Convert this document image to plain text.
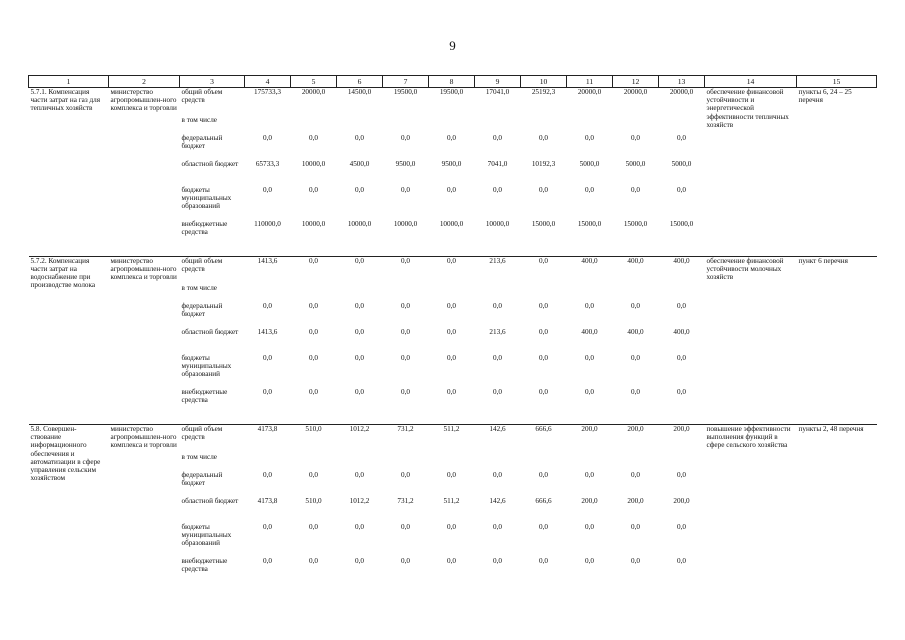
9
1	2	3	4	5	6	7	8	9	10	11	12	13	14	15
5.7.1. Компенсация части затрат на газ для тепличных хозяйств	министерство агропромышлен-ного комплекса и торговли	общий объем средств	175733,3	20000,0	14500,0	19500,0	19500,0	17041,0	25192,3	20000,0	20000,0	20000,0	обеспечение финансовой устойчивости и энергетической эффективности тепличных хозяйств	пункты 6, 24 – 25 перечня
		в том числе												
		федеральный бюджет	0,0	0,0	0,0	0,0	0,0	0,0	0,0	0,0	0,0	0,0		
		областной бюджет	65733,3	10000,0	4500,0	9500,0	9500,0	7041,0	10192,3	5000,0	5000,0	5000,0		
		бюджеты муниципальных образований	0,0	0,0	0,0	0,0	0,0	0,0	0,0	0,0	0,0	0,0		
		внебюджетные средства	110000,0	10000,0	10000,0	10000,0	10000,0	10000,0	15000,0	15000,0	15000,0	15000,0		

5.7.2. Компенсация части затрат на водоснабжение при производстве молока	министерство агропромышлен-ного комплекса и торговли	общий объем средств	1413,6	0,0	0,0	0,0	0,0	213,6	0,0	400,0	400,0	400,0	обеспечение финансовой устойчивости молочных хозяйств	пункт 6 перечня
		в том числе												
		федеральный бюджет	0,0	0,0	0,0	0,0	0,0	0,0	0,0	0,0	0,0	0,0		
		областной бюджет	1413,6	0,0	0,0	0,0	0,0	213,6	0,0	400,0	400,0	400,0		
		бюджеты муниципальных образований	0,0	0,0	0,0	0,0	0,0	0,0	0,0	0,0	0,0	0,0		
		внебюджетные средства	0,0	0,0	0,0	0,0	0,0	0,0	0,0	0,0	0,0	0,0		

5.8. Совершен-ствование информационного обеспечения и автоматизации в сфере управления сельским хозяйством	министерство агропромышлен-ного комплекса и торговли	общий объем средств	4173,8	510,0	1012,2	731,2	511,2	142,6	666,6	200,0	200,0	200,0	повышение эффективности выполнения функций в сфере сельского хозяйства	пункты 2, 48 перечня
		в том числе												
		федеральный бюджет	0,0	0,0	0,0	0,0	0,0	0,0	0,0	0,0	0,0	0,0		
		областной бюджет	4173,8	510,0	1012,2	731,2	511,2	142,6	666,6	200,0	200,0	200,0		
		бюджеты муниципальных образований	0,0	0,0	0,0	0,0	0,0	0,0	0,0	0,0	0,0	0,0		
		внебюджетные средства	0,0	0,0	0,0	0,0	0,0	0,0	0,0	0,0	0,0	0,0		
